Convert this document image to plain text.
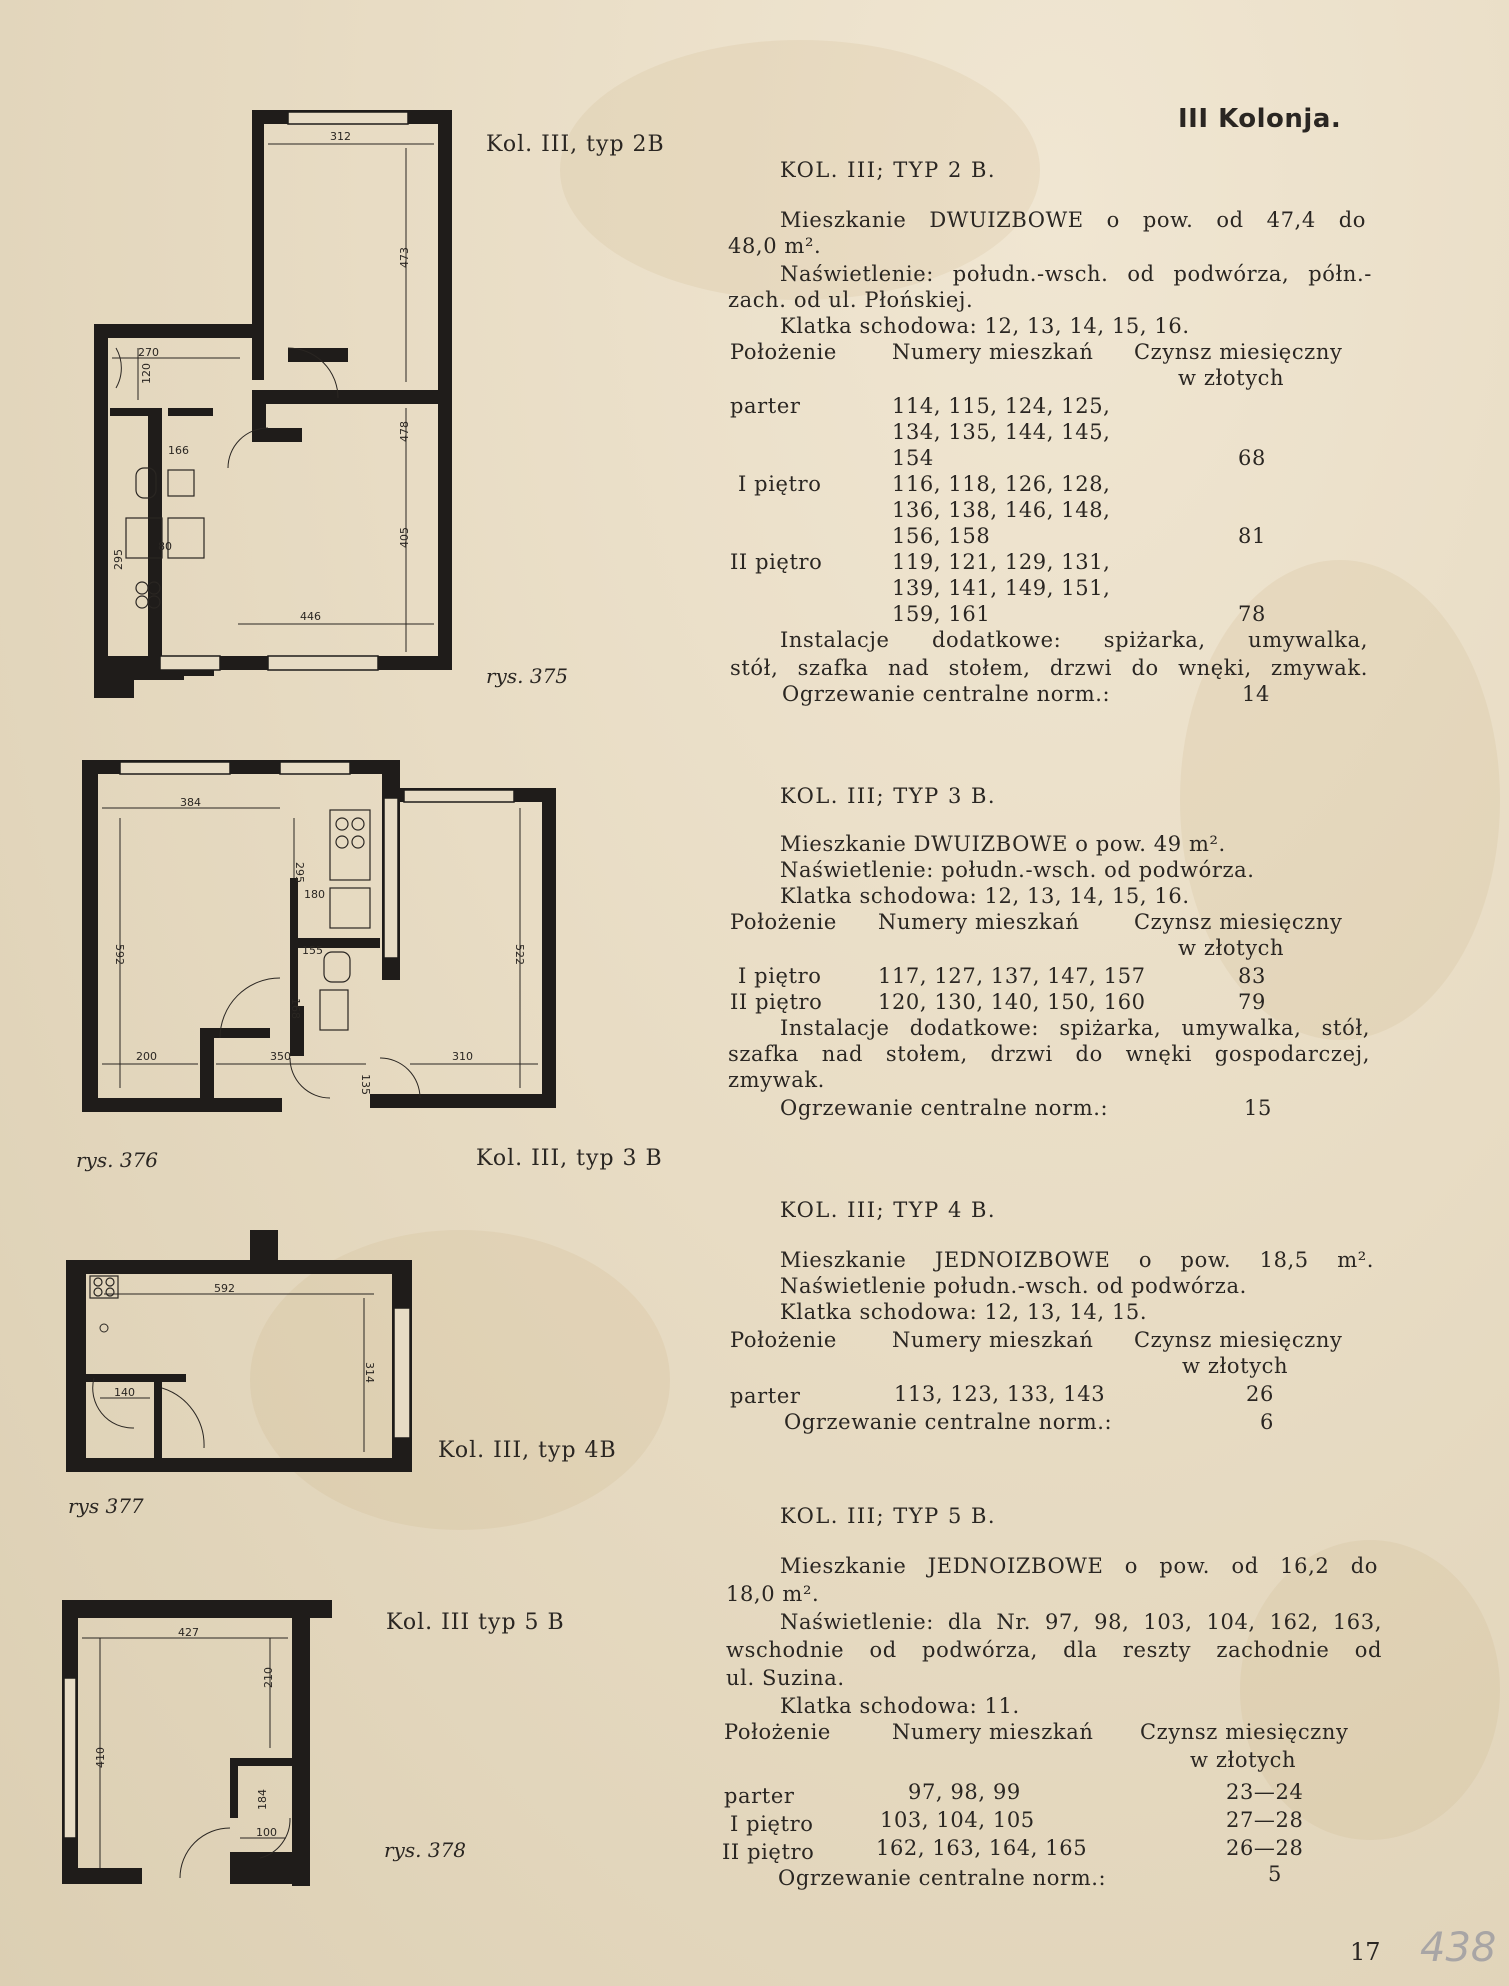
III Kolonja.
312
473
270
120
166
478
295
80	405
446
Kol. III, typ 2B
rys. 375
384
295
180
155
168
592
200	350
135
310
522
rys. 376	Kol. III, typ 3 B
592
314
140
Kol. III, typ 4B
rys 377
427
210
410
184
100
Kol. III typ 5 B
rys. 378
KOL. III; TYP 2 B.
Mieszkanie DWUIZBOWE o pow. od 47,4 do
48,0 m².
Naświetlenie: połudn.-wsch. od podwórza, półn.-
zach. od ul. Płońskiej.
Klatka schodowa: 12, 13, 14, 15, 16.
Położenie	Numery mieszkań Czynsz miesięczny
w złotych
parter	114, 115, 124, 125,
134, 135, 144, 145,
154	68
I piętro	116, 118, 126, 128,
136, 138, 146, 148,
156, 158	81
II piętro	119, 121, 129, 131,
139, 141, 149, 151,
159, 161	78
Instalacje dodatkowe: spiżarka, umywalka,
stół, szafka nad stołem, drzwi do wnęki, zmywak.
Ogrzewanie centralne norm.:	14
KOL. III; TYP 3 B.
Mieszkanie DWUIZBOWE o pow. 49 m².
Naświetlenie: połudn.-wsch. od podwórza.
Klatka schodowa: 12, 13, 14, 15, 16.
Położenie Numery mieszkań	Czynsz miesięczny
w złotych
I piętro	117, 127, 137, 147, 157	83
II piętro	120, 130, 140, 150, 160	79
Instalacje dodatkowe: spiżarka, umywalka, stół,
szafka nad stołem, drzwi do wnęki gospodarczej,
zmywak.
Ogrzewanie centralne norm.:	15
KOL. III; TYP 4 B.
Mieszkanie JEDNOIZBOWE o pow. 18,5 m².
Naświetlenie połudn.-wsch. od podwórza.
Klatka schodowa: 12, 13, 14, 15.
Położenie	Numery mieszkań Czynsz miesięczny
w złotych
parter	113, 123, 133, 143	26
Ogrzewanie centralne norm.:	6
KOL. III; TYP 5 B.
Mieszkanie JEDNOIZBOWE o pow. od 16,2 do
18,0 m².
Naświetlenie: dla Nr. 97, 98, 103, 104, 162, 163,
wschodnie od podwórza, dla reszty zachodnie od
ul. Suzina.
Klatka schodowa: 11.
Położenie	Numery mieszkań Czynsz miesięczny
w złotych
parter	97, 98, 99	23—24
I piętro	103, 104, 105	27—28
II piętro	162, 163, 164, 165	26—28
Ogrzewanie centralne norm.:	5
17 438
